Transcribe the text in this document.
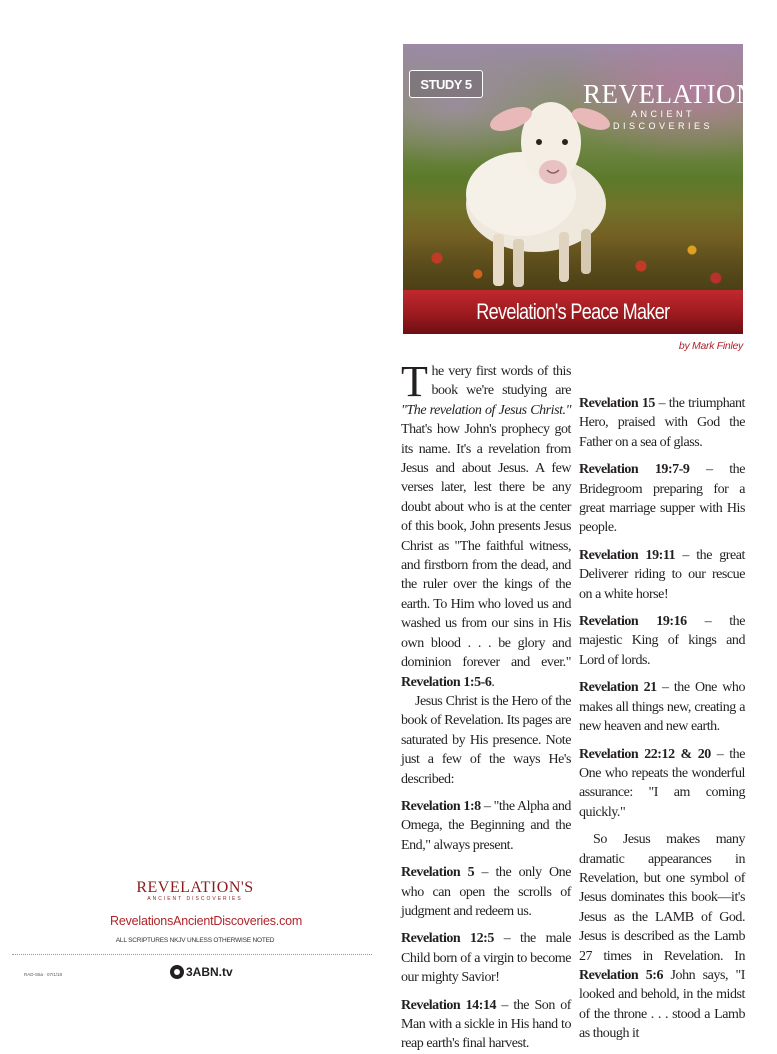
REVELATION'S
ANCIENT DISCOVERIES
RevelationsAncientDiscoveries.com
ALL SCRIPTURES NKJV UNLESS OTHERWISE NOTED
RAD-S5a · 07/1/18	3ABN.tv
STUDY 5	REVELATION'S
ANCIENT DISCOVERIES
Revelation's Peace Maker
by Mark Finley

The very first words of this book we're studying are "The revelation of Jesus Christ." That's how John's prophecy got its name. It's a revelation from Jesus and about Jesus. A few verses later, lest there be any doubt about who is at the center of this book, John presents Jesus Christ as "The faithful witness, and firstborn from the dead, and the ruler over the kings of the earth. To Him who loved us and washed us from our sins in His own blood . . . be glory and dominion forever and ever." Revelation 1:5-6.

Jesus Christ is the Hero of the book of Revelation. Its pages are saturated by His presence. Note just a few of the ways He's described:

Revelation 1:8 – "the Alpha and Omega, the Beginning and the End," always present.

Revelation 5 – the only One who can open the scrolls of judgment and redeem us.

Revelation 12:5 – the male Child born of a virgin to become our mighty Savior!

Revelation 14:14 – the Son of Man with a sickle in His hand to reap earth's final harvest.

Revelation 15 – the triumphant Hero, praised with God the Father on a sea of glass.

Revelation 19:7-9 – the Bridegroom preparing for a great marriage supper with His people.

Revelation 19:11 – the great Deliverer riding to our rescue on a white horse!

Revelation 19:16 – the majestic King of kings and Lord of lords.

Revelation 21 – the One who makes all things new, creating a new heaven and new earth.

Revelation 22:12 & 20 – the One who repeats the wonderful assurance: "I am coming quickly."

So Jesus makes many dramatic appearances in Revelation, but one symbol of Jesus dominates this book—it's Jesus as the LAMB of God. Jesus is described as the Lamb 27 times in Revelation. In Revelation 5:6 John says, "I looked and behold, in the midst of the throne . . . stood a Lamb as though it
